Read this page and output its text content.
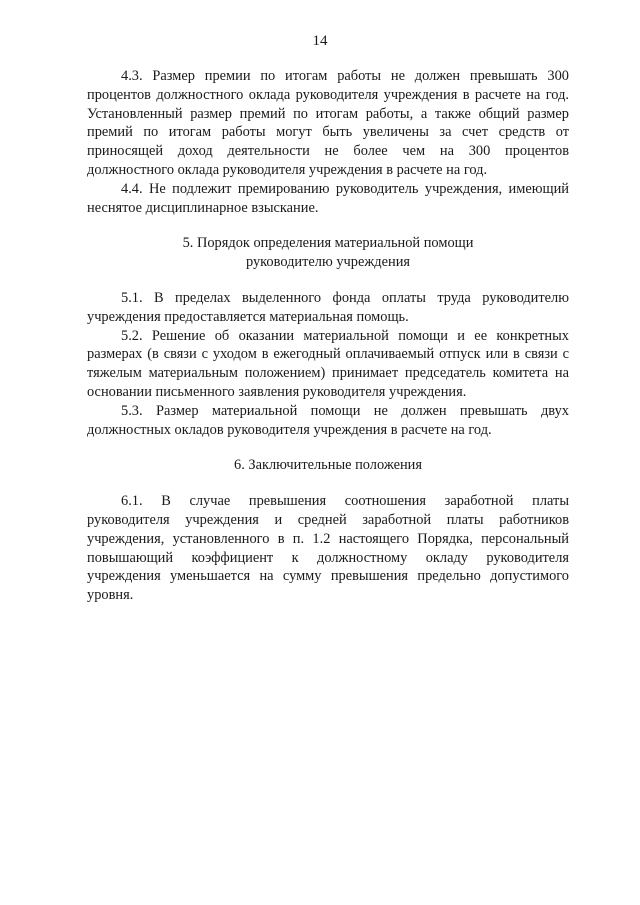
14

4.3. Размер премии по итогам работы не должен превышать 300 процентов должностного оклада руководителя учреждения в расчете на год. Установленный размер премий по итогам работы, а также общий размер премий по итогам работы могут быть увеличены за счет средств от приносящей доход деятельности не более чем на 300 процентов должностного оклада руководителя учреждения в расчете на год.

4.4. Не подлежит премированию руководитель учреждения, имеющий неснятое дисциплинарное взыскание.

5. Порядок определения материальной помощи
руководителю учреждения

5.1. В пределах выделенного фонда оплаты труда руководителю учреждения предоставляется материальная помощь.

5.2. Решение об оказании материальной помощи и ее конкретных размерах (в связи с уходом в ежегодный оплачиваемый отпуск или в связи с тяжелым материальным положением) принимает председатель комитета на основании письменного заявления руководителя учреждения.

5.3. Размер материальной помощи не должен превышать двух должностных окладов руководителя учреждения в расчете на год.

6. Заключительные положения

6.1. В случае превышения соотношения заработной платы руководителя учреждения и средней заработной платы работников учреждения, установленного в п. 1.2 настоящего Порядка, персональный повышающий коэффициент к должностному окладу руководителя учреждения уменьшается на сумму превышения предельно допустимого уровня.
